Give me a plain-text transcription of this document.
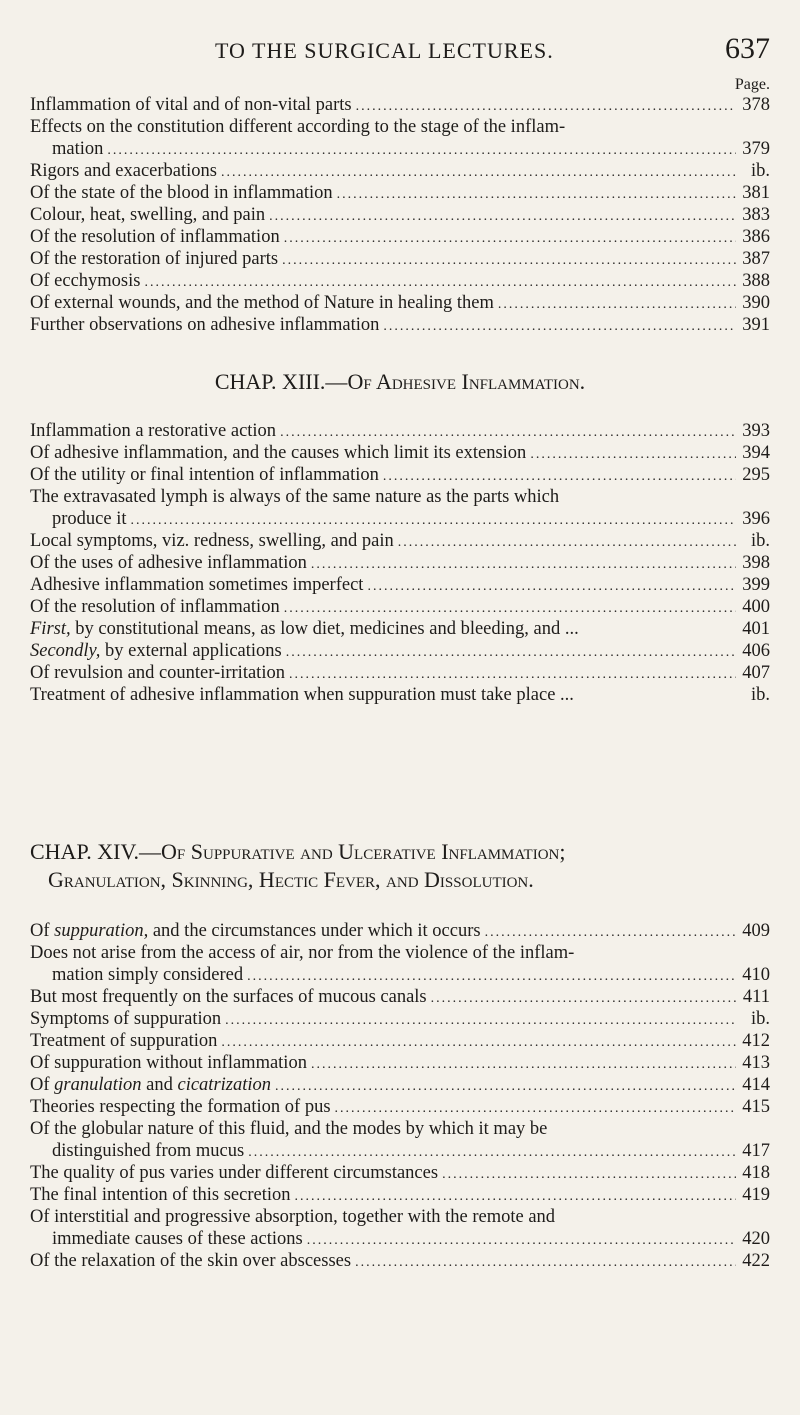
TO THE SURGICAL LECTURES.	637
Page.
Inflammation of vital and of non-vital parts .....	378
Effects on the constitution different according to the stage of the inflam-
mation .....	379
Rigors and exacerbations .....	ib.
Of the state of the blood in inflammation .....	381
Colour, heat, swelling, and pain .....	383
Of the resolution of inflammation .....	386
Of the restoration of injured parts .....	387
Of ecchymosis .....	388
Of external wounds, and the method of Nature in healing them .....	390
Further observations on adhesive inflammation .....	391
CHAP. XIII.—Of Adhesive Inflammation.
Inflammation a restorative action .....	393
Of adhesive inflammation, and the causes which limit its extension .....	394
Of the utility or final intention of inflammation .....	295
The extravasated lymph is always of the same nature as the parts which
produce it .....	396
Local symptoms, viz. redness, swelling, and pain .....	ib.
Of the uses of adhesive inflammation .....	398
Adhesive inflammation sometimes imperfect .....	399
Of the resolution of inflammation .....	400
First, by constitutional means, as low diet, medicines and bleeding, and ...	401
Secondly, by external applications .....	406
Of revulsion and counter-irritation .....	407
Treatment of adhesive inflammation when suppuration must take place ...	ib.
CHAP. XIV.—Of Suppurative and Ulcerative Inflammation;
Granulation, Skinning, Hectic Fever, and Dissolution.
Of suppuration, and the circumstances under which it occurs .....	409
Does not arise from the access of air, nor from the violence of the inflam-
mation simply considered .....	410
But most frequently on the surfaces of mucous canals .....	411
Symptoms of suppuration .....	ib.
Treatment of suppuration .....	412
Of suppuration without inflammation .....	413
Of granulation and cicatrization .....	414
Theories respecting the formation of pus .....	415
Of the globular nature of this fluid, and the modes by which it may be
distinguished from mucus .....	417
The quality of pus varies under different circumstances .....	418
The final intention of this secretion .....	419
Of interstitial and progressive absorption, together with the remote and
immediate causes of these actions .....	420
Of the relaxation of the skin over abscesses .....	422
